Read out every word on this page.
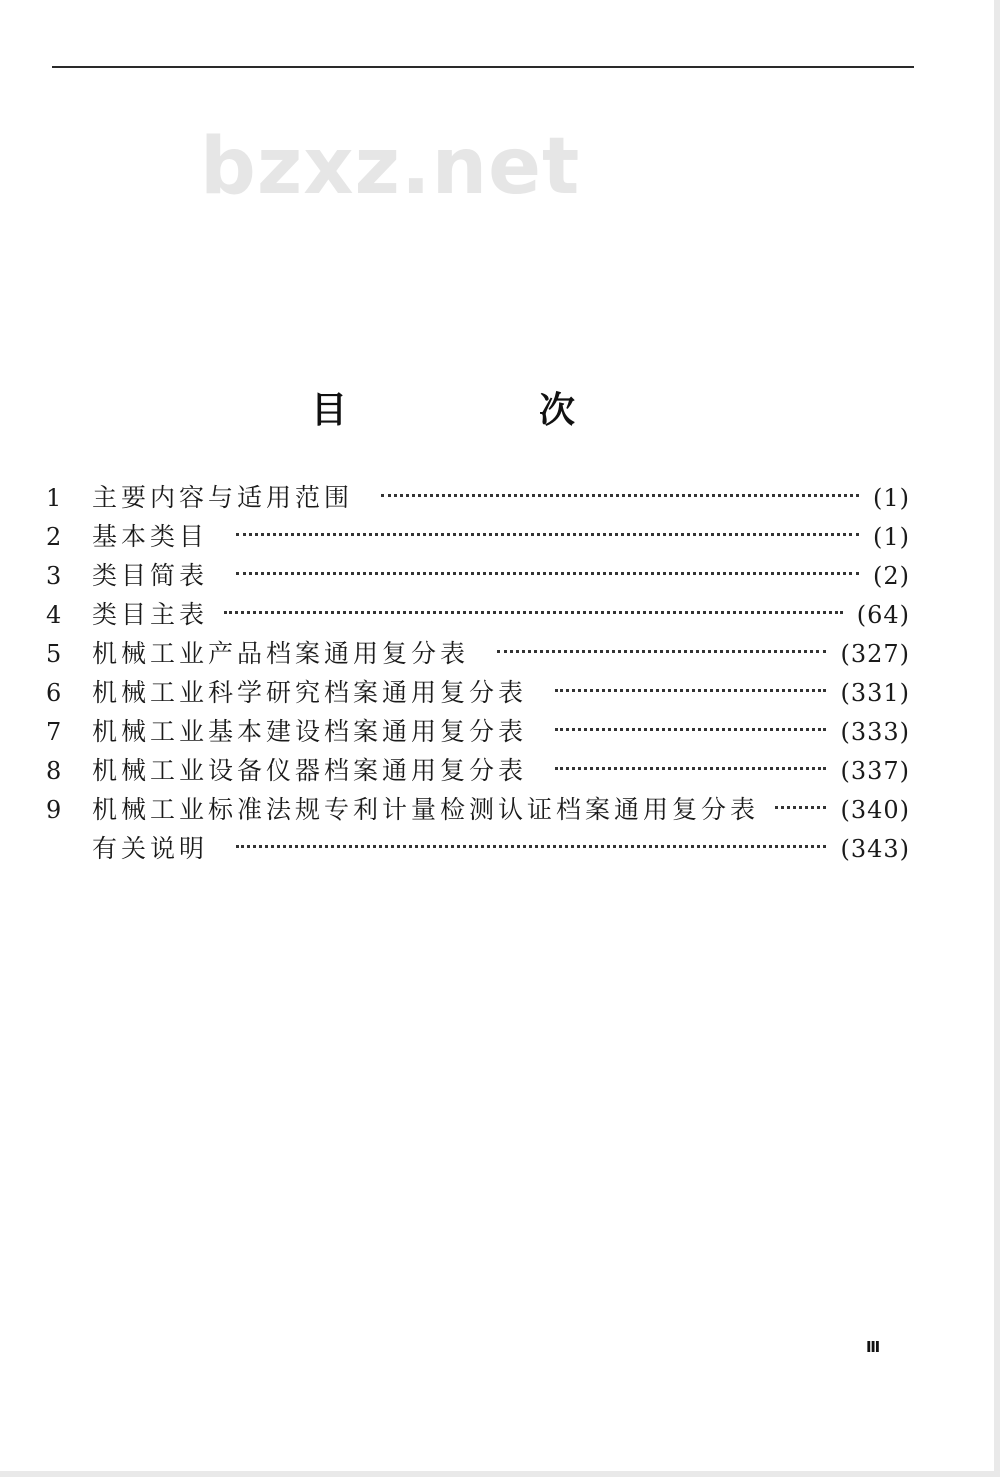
bzxz.net
目　次
1	主要内容与适用范围	(1)
2	基本类目	(1)
3	类目简表	(2)
4	类目主表	(64)
5	机械工业产品档案通用复分表	(327)
6	机械工业科学研究档案通用复分表	(331)
7	机械工业基本建设档案通用复分表	(333)
8	机械工业设备仪器档案通用复分表	(337)
9	机械工业标准法规专利计量检测认证档案通用复分表	(340)
有关说明	(343)
Ⅲ
